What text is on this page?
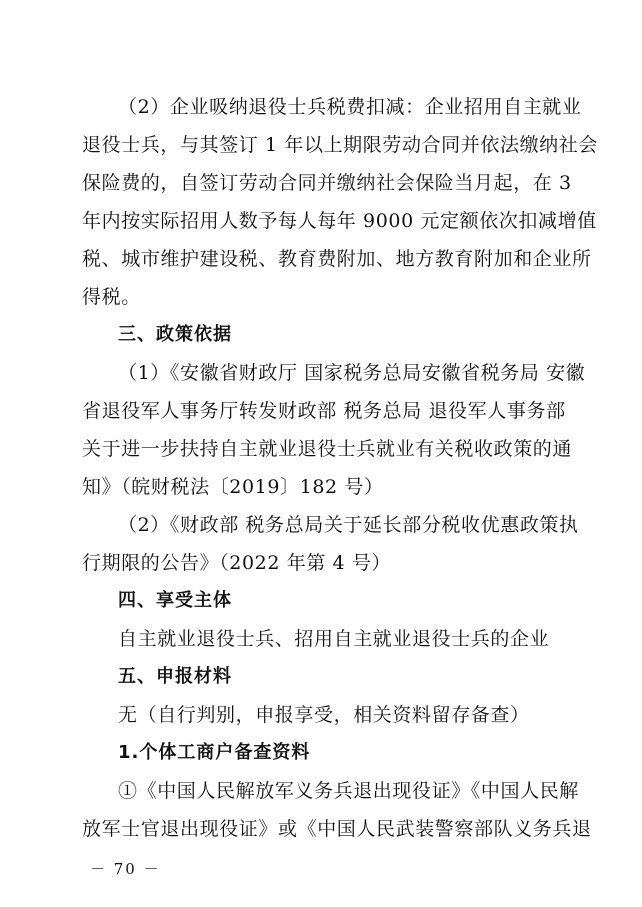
（2）企业吸纳退役士兵税费扣减：企业招用自主就业
退役士兵，与其签订 1 年以上期限劳动合同并依法缴纳社会
保险费的，自签订劳动合同并缴纳社会保险当月起，在 3
年内按实际招用人数予每人每年 9000 元定额依次扣减增值
税、城市维护建设税、教育费附加、地方教育附加和企业所
得税。
三、政策依据
（1）《安徽省财政厅 国家税务总局安徽省税务局 安徽
省退役军人事务厅转发财政部 税务总局 退役军人事务部
关于进一步扶持自主就业退役士兵就业有关税收政策的通
知》（皖财税法〔2019〕182 号）
（2）《财政部 税务总局关于延长部分税收优惠政策执
行期限的公告》（2022 年第 4 号）
四、享受主体
自主就业退役士兵、招用自主就业退役士兵的企业
五、申报材料
无（自行判别，申报享受，相关资料留存备查）
1.个体工商户备查资料
①《中国人民解放军义务兵退出现役证》《中国人民解
放军士官退出现役证》或《中国人民武装警察部队义务兵退
－ 70 －
